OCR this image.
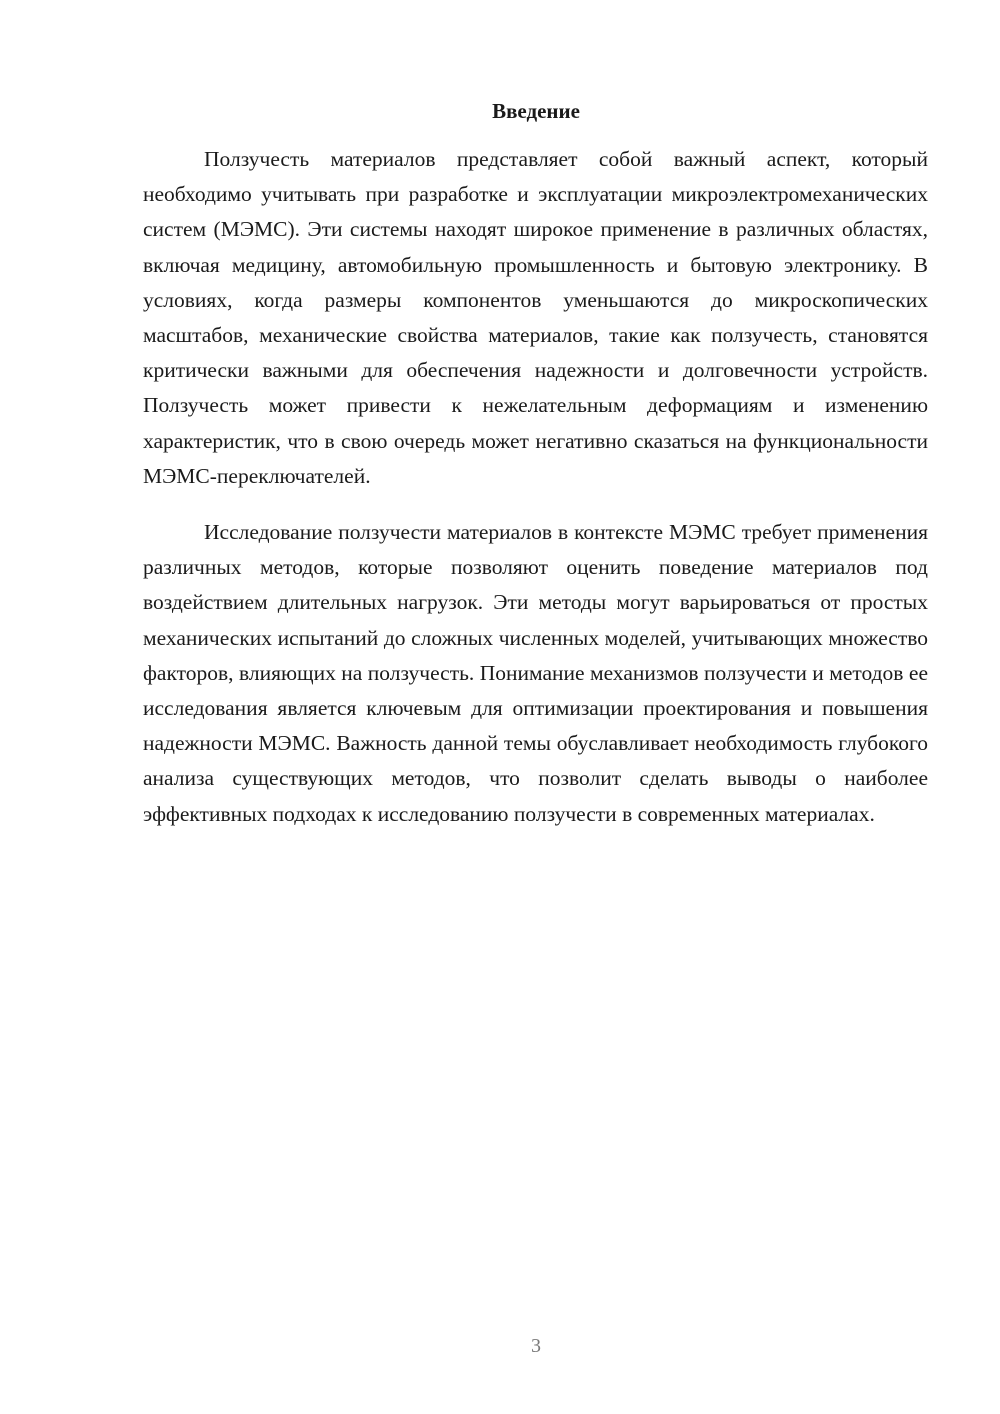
Введение

Ползучесть материалов представляет собой важный аспект, который необходимо учитывать при разработке и эксплуатации микроэлектромеханических систем (МЭМС). Эти системы находят широкое применение в различных областях, включая медицину, автомобильную промышленность и бытовую электронику. В условиях, когда размеры компонентов уменьшаются до микроскопических масштабов, механические свойства материалов, такие как ползучесть, становятся критически важными для обеспечения надежности и долговечности устройств. Ползучесть может привести к нежелательным деформациям и изменению характеристик, что в свою очередь может негативно сказаться на функциональности МЭМС-переключателей.

Исследование ползучести материалов в контексте МЭМС требует применения различных методов, которые позволяют оценить поведение материалов под воздействием длительных нагрузок. Эти методы могут варьироваться от простых механических испытаний до сложных численных моделей, учитывающих множество факторов, влияющих на ползучесть. Понимание механизмов ползучести и методов ее исследования является ключевым для оптимизации проектирования и повышения надежности МЭМС. Важность данной темы обуславливает необходимость глубокого анализа существующих методов, что позволит сделать выводы о наиболее эффективных подходах к исследованию ползучести в современных материалах.

3
